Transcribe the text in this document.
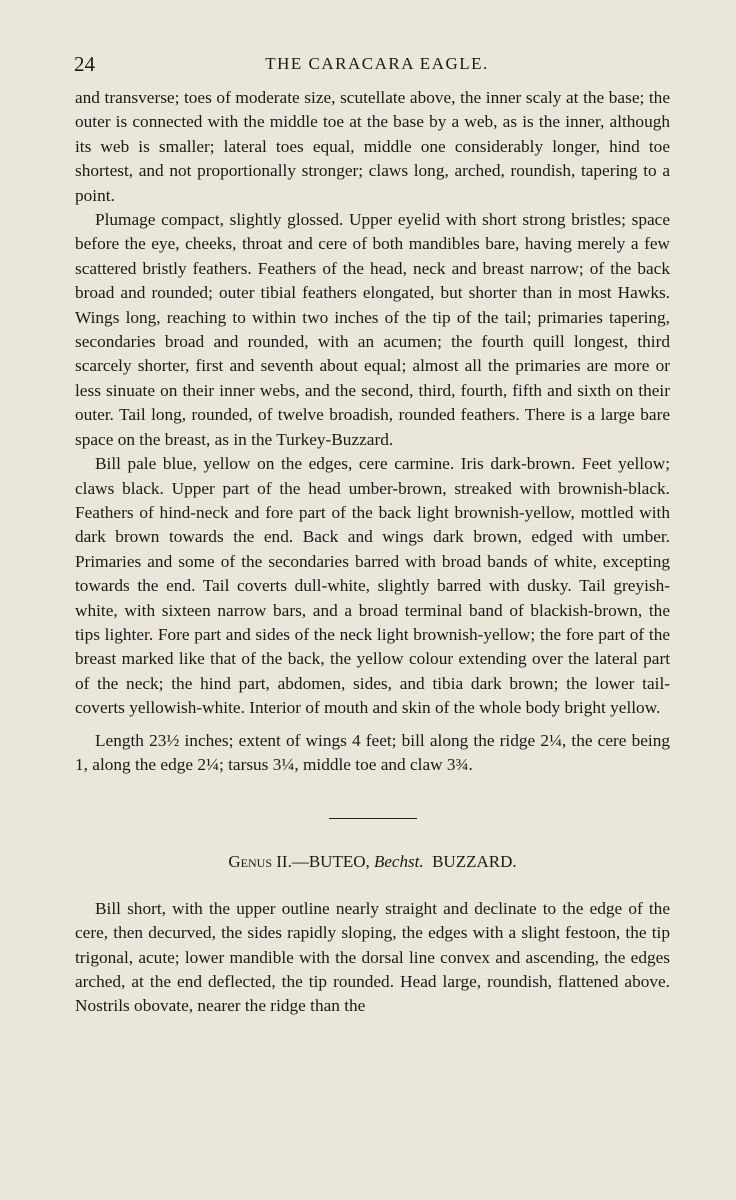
24	THE CARACARA EAGLE.

and transverse; toes of moderate size, scutellate above, the inner scaly at the base; the outer is connected with the middle toe at the base by a web, as is the inner, although its web is smaller; lateral toes equal, middle one considerably longer, hind toe shortest, and not proportionally stronger; claws long, arched, roundish, tapering to a point.

Plumage compact, slightly glossed. Upper eyelid with short strong bristles; space before the eye, cheeks, throat and cere of both mandibles bare, having merely a few scattered bristly feathers. Feathers of the head, neck and breast narrow; of the back broad and rounded; outer tibial feathers elongated, but shorter than in most Hawks. Wings long, reaching to within two inches of the tip of the tail; primaries tapering, secondaries broad and rounded, with an acumen; the fourth quill longest, third scarcely shorter, first and seventh about equal; almost all the primaries are more or less sinuate on their inner webs, and the second, third, fourth, fifth and sixth on their outer. Tail long, rounded, of twelve broadish, rounded feathers. There is a large bare space on the breast, as in the Turkey-Buzzard.

Bill pale blue, yellow on the edges, cere carmine. Iris dark-brown. Feet yellow; claws black. Upper part of the head umber-brown, streaked with brownish-black. Feathers of hind-neck and fore part of the back light brownish-yellow, mottled with dark brown towards the end. Back and wings dark brown, edged with umber. Primaries and some of the secondaries barred with broad bands of white, excepting towards the end. Tail coverts dull-white, slightly barred with dusky. Tail greyish-white, with sixteen narrow bars, and a broad terminal band of blackish-brown, the tips lighter. Fore part and sides of the neck light brownish-yellow; the fore part of the breast marked like that of the back, the yellow colour extending over the lateral part of the neck; the hind part, abdomen, sides, and tibia dark brown; the lower tail-coverts yellowish-white. Interior of mouth and skin of the whole body bright yellow.

Length 23½ inches; extent of wings 4 feet; bill along the ridge 2¼, the cere being 1, along the edge 2¼; tarsus 3¼, middle toe and claw 3¾.

Genus II.—BUTEO, Bechst.  BUZZARD.

Bill short, with the upper outline nearly straight and declinate to the edge of the cere, then decurved, the sides rapidly sloping, the edges with a slight festoon, the tip trigonal, acute; lower mandible with the dorsal line convex and ascending, the edges arched, at the end deflected, the tip rounded. Head large, roundish, flattened above. Nostrils obovate, nearer the ridge than the
